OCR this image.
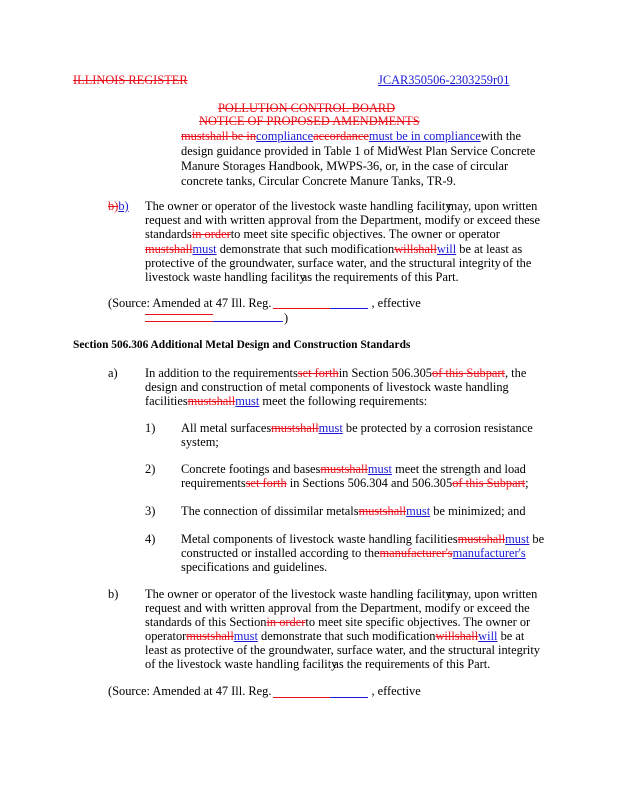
ILLINOIS REGISTER	JCAR350506-2303259r01
POLLUTION CONTROL BOARD
NOTICE OF PROPOSED AMENDMENTS
mustshall be incomplianceaccordancemust be in compliancewith the
design guidance provided in Table 1 of MidWest Plan Service Concrete
Manure Storages Handbook, MWPS-36, or, in the case of circular
concrete tanks, Circular Concrete Manure Tanks, TR-9.
b)b) The owner or operator of the livestock waste handling facilitymay, upon written
request and with written approval from the Department, modify or exceed these
standardsin orderto meet site specific objectives. The owner or operator
mustshallmust demonstrate that such modificationwillshallwill be at least as
protective of the groundwater, surface water, and the structural integrity of the
livestock waste handling facilityas the requirements of this Part.
(Source: Amended at 47 Ill. Reg.	, effective
)
Section 506.306 Additional Metal Design and Construction Standards
a) In addition to the requirementsset forthin Section 506.305of this Subpart, the
design and construction of metal components of livestock waste handling
facilitiesmustshallmust meet the following requirements:
1) All metal surfacesmustshallmust be protected by a corrosion resistance
system;
2) Concrete footings and basesmustshallmust meet the strength and load
requirementsset forth in Sections 506.304 and 506.305of this Subpart;
3) The connection of dissimilar metalsmustshallmust be minimized; and
4) Metal components of livestock waste handling facilitiesmustshallmust be
constructed or installed according to themanufacturer'smanufacturer's
specifications and guidelines.
b) The owner or operator of the livestock waste handling facilitymay, upon written
request and with written approval from the Department, modify or exceed the
standards of this Sectionin orderto meet site specific objectives. The owner or
operatormustshallmust demonstrate that such modificationwillshallwill be at
least as protective of the groundwater, surface water, and the structural integrity
of the livestock waste handling facilityas the requirements of this Part.
(Source: Amended at 47 Ill. Reg.	, effective
